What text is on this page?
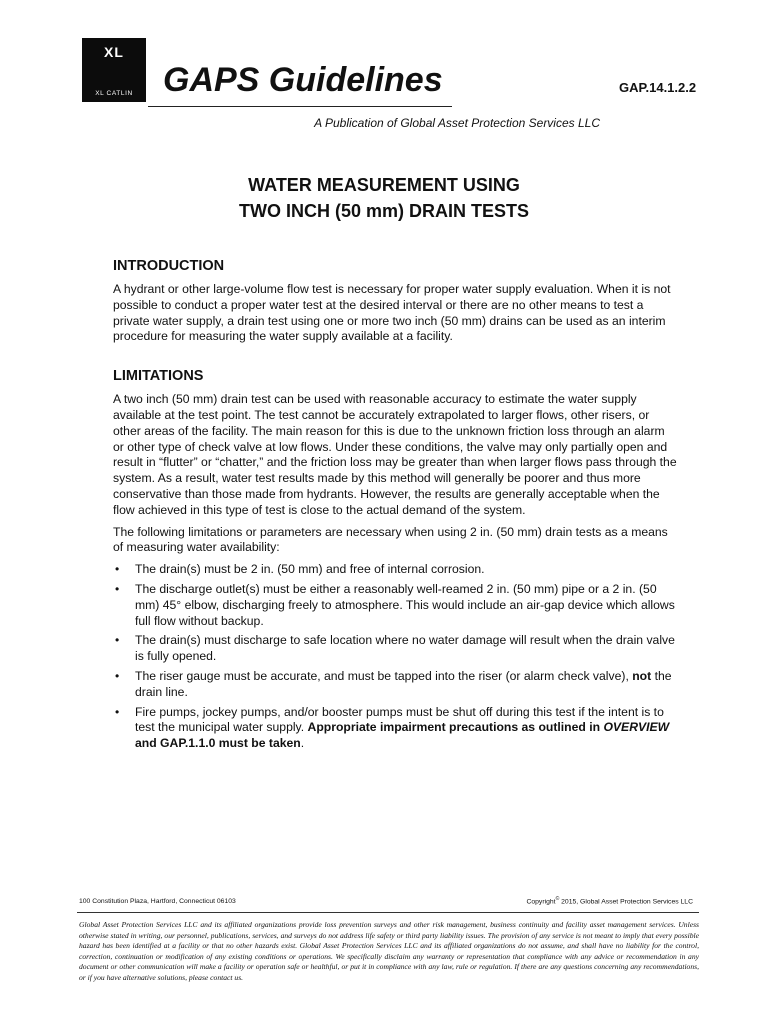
XL
XL CATLIN GAPS Guidelines	GAP.14.1.2.2
A Publication of Global Asset Protection Services LLC
WATER MEASUREMENT USING
TWO INCH (50 mm) DRAIN TESTS
INTRODUCTION

A hydrant or other large-volume flow test is necessary for proper water supply evaluation. When it is not possible to conduct a proper water test at the desired interval or there are no other means to test a private water supply, a drain test using one or more two inch (50 mm) drains can be used as an interim procedure for measuring the water supply available at a facility.

LIMITATIONS

A two inch (50 mm) drain test can be used with reasonable accuracy to estimate the water supply available at the test point. The test cannot be accurately extrapolated to larger flows, other risers, or other areas of the facility. The main reason for this is due to the unknown friction loss through an alarm or other type of check valve at low flows. Under these conditions, the valve may only partially open and result in “flutter” or “chatter,” and the friction loss may be greater than when larger flows pass through the system. As a result, water test results made by this method will generally be poorer and thus more conservative than those made from hydrants. However, the results are generally acceptable when the flow achieved in this type of test is close to the actual demand of the system.

The following limitations or parameters are necessary when using 2 in. (50 mm) drain tests as a means of measuring water availability:

• The drain(s) must be 2 in. (50 mm) and free of internal corrosion.
• The discharge outlet(s) must be either a reasonably well-reamed 2 in. (50 mm) pipe or a 2 in. (50 mm) 45° elbow, discharging freely to atmosphere. This would include an air-gap device which allows full flow without backup.
• The drain(s) must discharge to safe location where no water damage will result when the drain valve is fully opened.
• The riser gauge must be accurate, and must be tapped into the riser (or alarm check valve), not the drain line.
• Fire pumps, jockey pumps, and/or booster pumps must be shut off during this test if the intent is to test the municipal water supply. Appropriate impairment precautions as outlined in OVERVIEW and GAP.1.1.0 must be taken.
100 Constitution Plaza, Hartford, Connecticut 06103	Copyright© 2015, Global Asset Protection Services LLC
Global Asset Protection Services LLC and its affiliated organizations provide loss prevention surveys and other risk management, business continuity and facility asset management services. Unless otherwise stated in writing, our personnel, publications, services, and surveys do not address life safety or third party liability issues. The provision of any service is not meant to imply that every possible hazard has been identified at a facility or that no other hazards exist. Global Asset Protection Services LLC and its affiliated organizations do not assume, and shall have no liability for the control, correction, continuation or modification of any existing conditions or operations. We specifically disclaim any warranty or representation that compliance with any advice or recommendation in any document or other communication will make a facility or operation safe or healthful, or put it in compliance with any law, rule or regulation. If there are any questions concerning any recommendations, or if you have alternative solutions, please contact us.
